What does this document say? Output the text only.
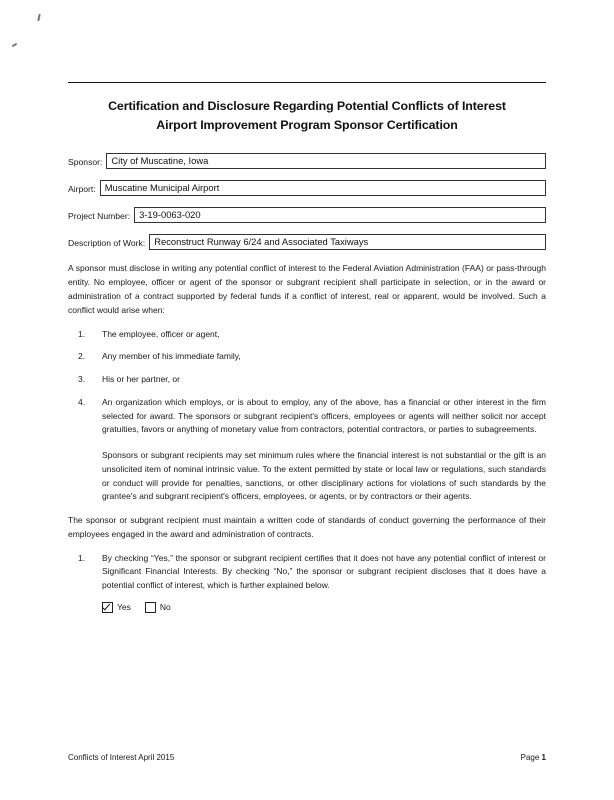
Certification and Disclosure Regarding Potential Conflicts of Interest
Airport Improvement Program Sponsor Certification
Sponsor: City of Muscatine, Iowa
Airport: Muscatine Municipal Airport
Project Number: 3-19-0063-020
Description of Work: Reconstruct Runway 6/24 and Associated Taxiways

A sponsor must disclose in writing any potential conflict of interest to the Federal Aviation Administration (FAA) or pass-through entity. No employee, officer or agent of the sponsor or subgrant recipient shall participate in selection, or in the award or administration of a contract supported by federal funds if a conflict of interest, real or apparent, would be involved. Such a conflict would arise when:

1.	The employee, officer or agent,
2.	Any member of his immediate family,
3.	His or her partner, or
4.	An organization which employs, or is about to employ, any of the above, has a financial or other interest in the firm selected for award. The sponsors or subgrant recipient's officers, employees or agents will neither solicit nor accept gratuities, favors or anything of monetary value from contractors, potential contractors, or parties to subagreements.
Sponsors or subgrant recipients may set minimum rules where the financial interest is not substantial or the gift is an unsolicited item of nominal intrinsic value. To the extent permitted by state or local law or regulations, such standards or conduct will provide for penalties, sanctions, or other disciplinary actions for violations of such standards by the grantee's and subgrant recipient's officers, employees, or agents, or by contractors or their agents.

The sponsor or subgrant recipient must maintain a written code of standards of conduct governing the performance of their employees engaged in the award and administration of contracts.

1.	By checking “Yes,” the sponsor or subgrant recipient certifies that it does not have any potential conflict of interest or Significant Financial Interests. By checking “No,” the sponsor or subgrant recipient discloses that it does have a potential conflict of interest, which is further explained below.
Yes	No
Conflicts of Interest April 2015	Page 1
